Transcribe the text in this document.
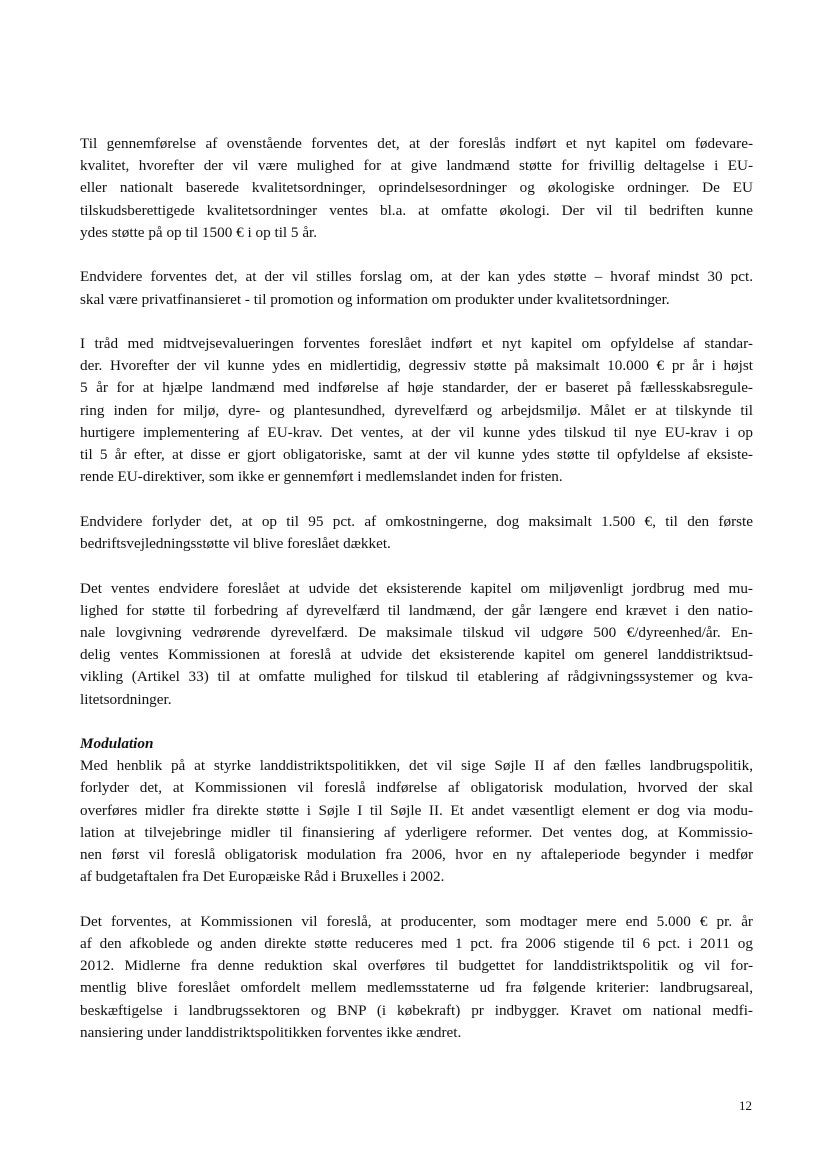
Til gennemførelse af ovenstående forventes det, at der foreslås indført et nyt kapitel om fødevare-
kvalitet, hvorefter der vil være mulighed for at give landmænd støtte for frivillig deltagelse i EU-
eller nationalt baserede kvalitetsordninger, oprindelsesordninger og økologiske ordninger. De EU
tilskudsberettigede kvalitetsordninger ventes bl.a. at omfatte økologi. Der vil til bedriften kunne
ydes støtte på op til 1500 € i op til 5 år.
Endvidere forventes det, at der vil stilles forslag om, at der kan ydes støtte – hvoraf mindst 30 pct.
skal være privatfinansieret - til promotion og information om produkter under kvalitetsordninger.
I tråd med midtvejsevalueringen forventes foreslået indført et nyt kapitel om opfyldelse af standar-
der. Hvorefter der vil kunne ydes en midlertidig, degressiv støtte på maksimalt 10.000 € pr år i højst
5 år for at hjælpe landmænd med indførelse af høje standarder, der er baseret på fællesskabsregule-
ring inden for miljø, dyre- og plantesundhed, dyrevelfærd og arbejdsmiljø. Målet er at tilskynde til
hurtigere implementering af EU-krav. Det ventes, at der vil kunne ydes tilskud til nye EU-krav i op
til 5 år efter, at disse er gjort obligatoriske, samt at der vil kunne ydes støtte til opfyldelse af eksiste-
rende EU-direktiver, som ikke er gennemført i medlemslandet inden for fristen.
Endvidere forlyder det, at op til 95 pct. af omkostningerne, dog maksimalt 1.500 €, til den første
bedriftsvejledningsstøtte vil blive foreslået dækket.
Det ventes endvidere foreslået at udvide det eksisterende kapitel om miljøvenligt jordbrug med mu-
lighed for støtte til forbedring af dyrevelfærd til landmænd, der går længere end krævet i den natio-
nale lovgivning vedrørende dyrevelfærd. De maksimale tilskud vil udgøre 500 €/dyreenhed/år. En-
delig ventes Kommissionen at foreslå at udvide det eksisterende kapitel om generel landdistriktsud-
vikling (Artikel 33) til at omfatte mulighed for tilskud til etablering af rådgivningssystemer og kva-
litetsordninger.
Modulation
Med henblik på at styrke landdistriktspolitikken, det vil sige Søjle II af den fælles landbrugspolitik,
forlyder det, at Kommissionen vil foreslå indførelse af obligatorisk modulation, hvorved der skal
overføres midler fra direkte støtte i Søjle I til Søjle II. Et andet væsentligt element er dog via modu-
lation at tilvejebringe midler til finansiering af yderligere reformer. Det ventes dog, at Kommissio-
nen først vil foreslå obligatorisk modulation fra 2006, hvor en ny aftaleperiode begynder i medfør
af budgetaftalen fra Det Europæiske Råd i Bruxelles i 2002.
Det forventes, at Kommissionen vil foreslå, at producenter, som modtager mere end 5.000 € pr. år
af den afkoblede og anden direkte støtte reduceres med 1 pct. fra 2006 stigende til 6 pct. i 2011 og
2012. Midlerne fra denne reduktion skal overføres til budgettet for landdistriktspolitik og vil for-
mentlig blive foreslået omfordelt mellem medlemsstaterne ud fra følgende kriterier: landbrugsareal,
beskæftigelse i landbrugssektoren og BNP (i købekraft) pr indbygger. Kravet om national medfi-
nansiering under landdistriktspolitikken forventes ikke ændret.
12
